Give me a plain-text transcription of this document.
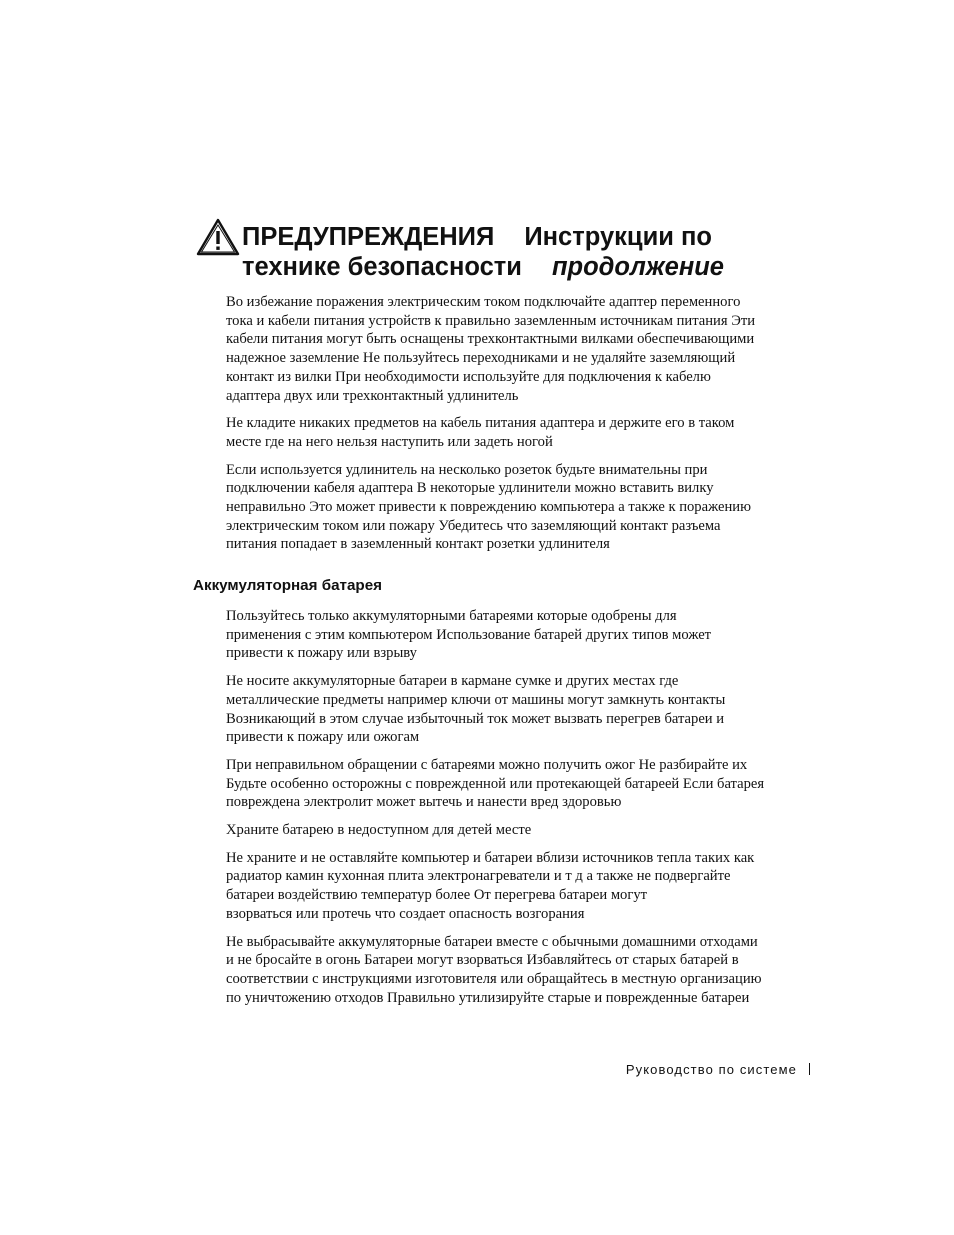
ПРЕДУПРЕЖДЕНИЯ Инструкции по
технике безопасности продолжение

Во избежание поражения электрическим током подключайте адаптер переменного
тока и кабели питания устройств к правильно заземленным источникам питания Эти
кабели питания могут быть оснащены трехконтактными вилками обеспечивающими
надежное заземление Не пользуйтесь переходниками и не удаляйте заземляющий
контакт из вилки При необходимости используйте для подключения к кабелю
адаптера двух или трехконтактный удлинитель

Не кладите никаких предметов на кабель питания адаптера и держите его в таком
месте где на него нельзя наступить или задеть ногой

Если используется удлинитель на несколько розеток будьте внимательны при
подключении кабеля адаптера В некоторые удлинители можно вставить вилку
неправильно Это может привести к повреждению компьютера а также к поражению
электрическим током или пожару Убедитесь что заземляющий контакт разъема
питания попадает в заземленный контакт розетки удлинителя

Аккумуляторная батарея

Пользуйтесь только аккумуляторными батареями которые одобрены для
применения с этим компьютером Использование батарей других типов может
привести к пожару или взрыву

Не носите аккумуляторные батареи в кармане сумке и других местах где
металлические предметы например ключи от машины могут замкнуть контакты
Возникающий в этом случае избыточный ток может вызвать перегрев батареи и
привести к пожару или ожогам

При неправильном обращении с батареями можно получить ожог Не разбирайте их
Будьте особенно осторожны с поврежденной или протекающей батареей Если батарея
повреждена электролит может вытечь и нанести вред здоровью

Храните батарею в недоступном для детей месте

Не храните и не оставляйте компьютер и батареи вблизи источников тепла таких как
радиатор камин кухонная плита электронагреватели и т д а также не подвергайте
батареи воздействию температур более От перегрева батареи могут
взорваться или протечь что создает опасность возгорания

Не выбрасывайте аккумуляторные батареи вместе с обычными домашними отходами
и не бросайте в огонь Батареи могут взорваться Избавляйтесь от старых батарей в
соответствии с инструкциями изготовителя или обращайтесь в местную организацию
по уничтожению отходов Правильно утилизируйте старые и поврежденные батареи

Руководство по системе
